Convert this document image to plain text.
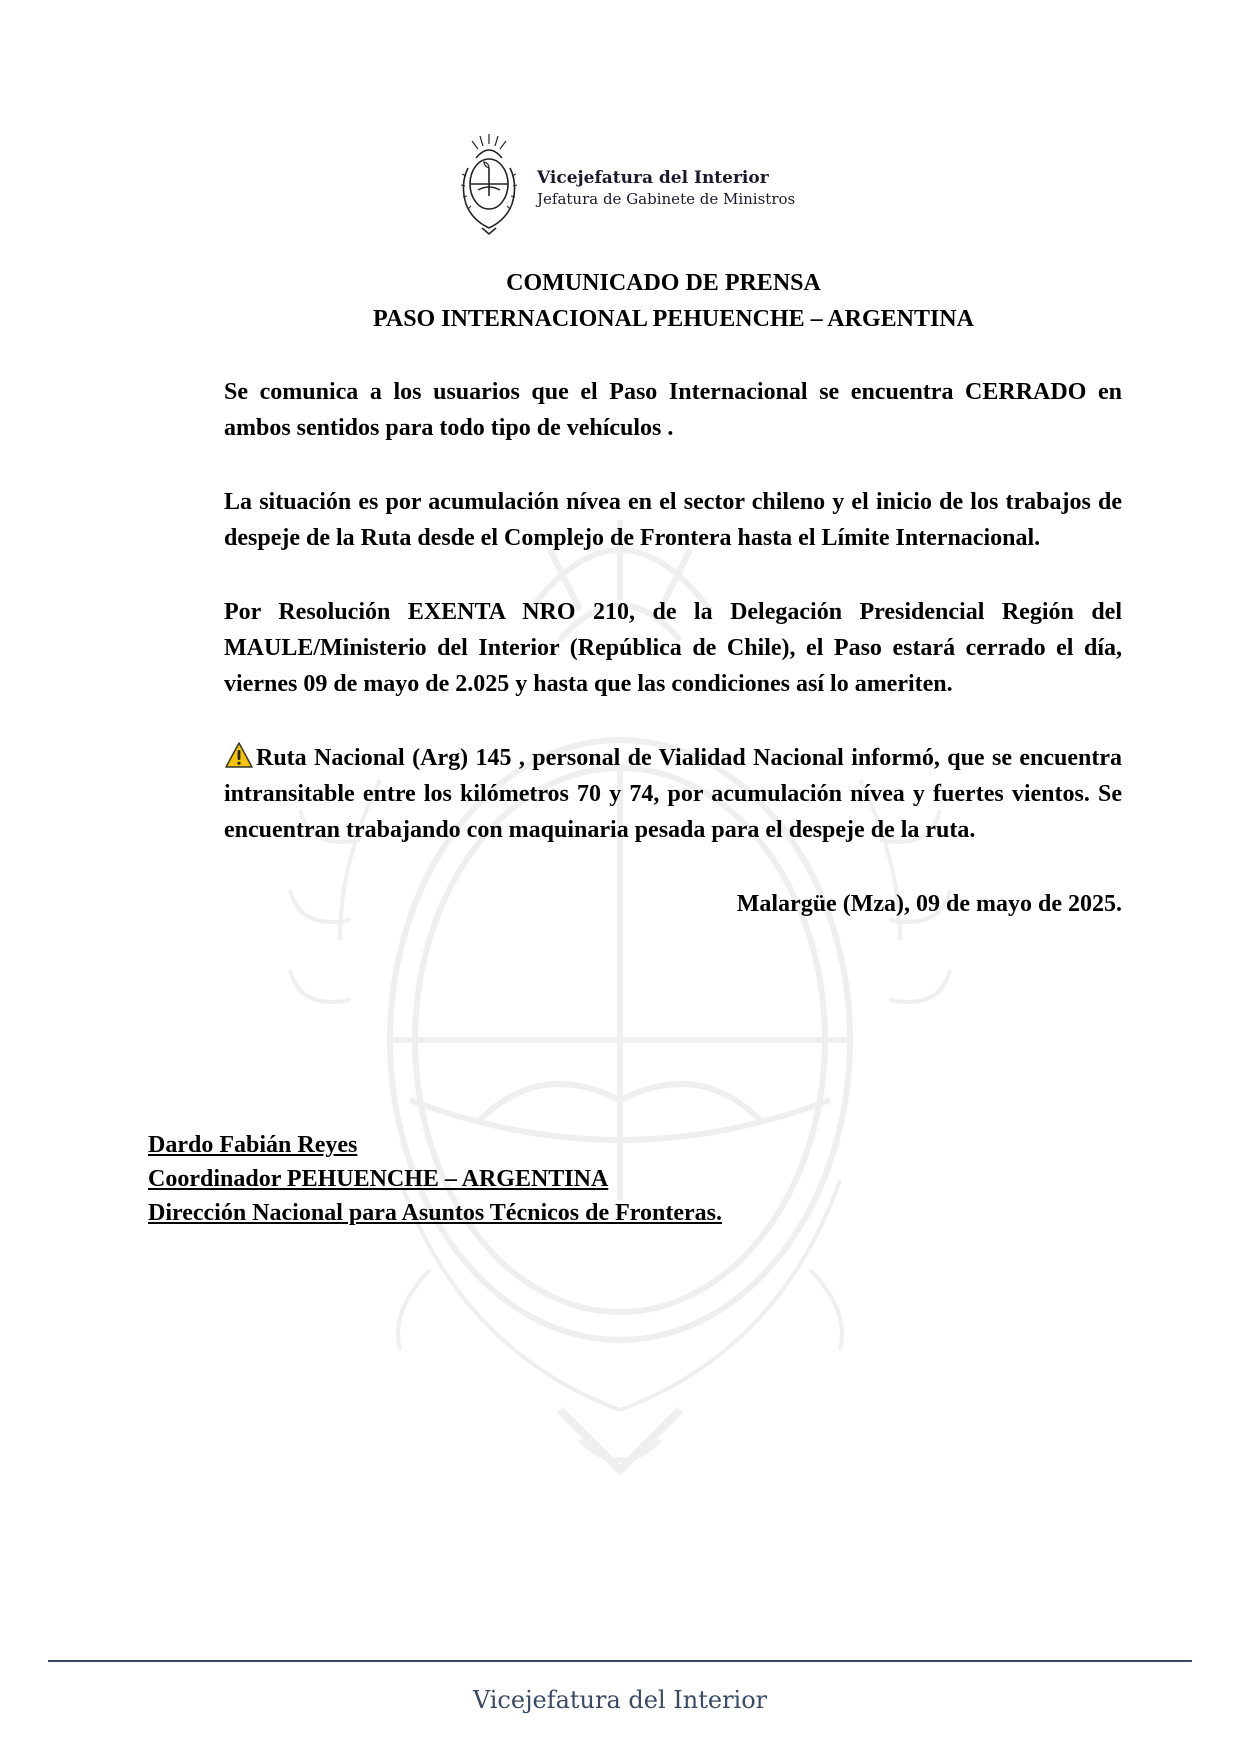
Vicejefatura del Interior
Jefatura de Gabinete de Ministros
COMUNICADO DE PRENSA
PASO INTERNACIONAL PEHUENCHE – ARGENTINA

Se comunica a los usuarios que el Paso Internacional se encuentra CERRADO en ambos sentidos para todo tipo de vehículos .

La situación es por acumulación nívea en el sector chileno y el inicio de los trabajos de despeje de la Ruta desde el Complejo de Frontera hasta el Límite Internacional.

Por Resolución EXENTA NRO 210, de la Delegación Presidencial Región del MAULE/Ministerio del Interior (República de Chile), el Paso estará cerrado el día, viernes 09 de mayo de 2.025 y hasta que las condiciones así lo ameriten.

Ruta Nacional (Arg) 145 , personal de Vialidad Nacional informó, que se encuentra intransitable entre los kilómetros 70 y 74, por acumulación nívea y fuertes vientos. Se encuentran trabajando con maquinaria pesada para el despeje de la ruta.

Malargüe (Mza), 09 de mayo de 2025.
Dardo Fabián Reyes
Coordinador PEHUENCHE – ARGENTINA
Dirección Nacional para Asuntos Técnicos de Fronteras.
Vicejefatura del Interior
